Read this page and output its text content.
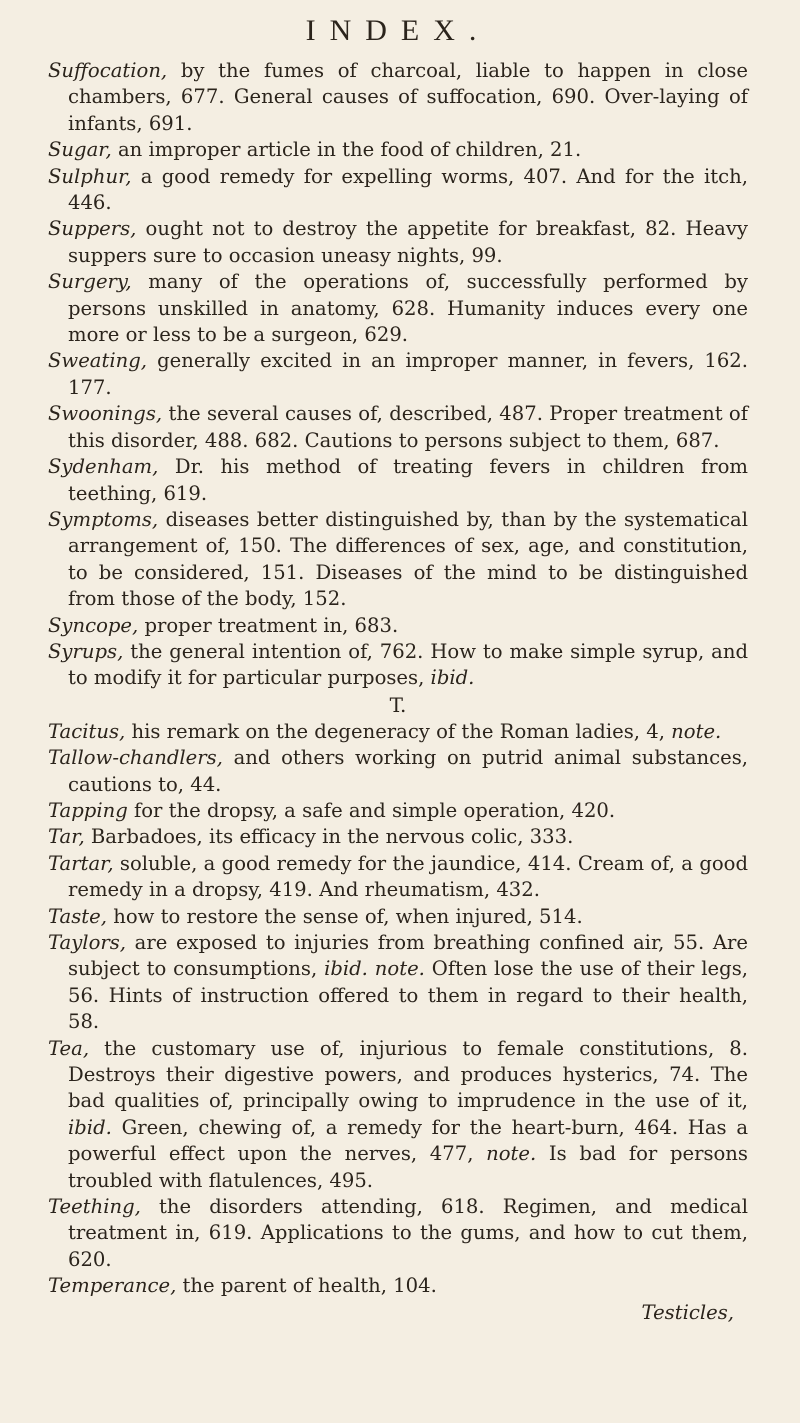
INDEX.

Suffocation, by the fumes of charcoal, liable to happen in close chambers, 677. General causes of suffocation, 690. Over-laying of infants, 691.

Sugar, an improper article in the food of children, 21.

Sulphur, a good remedy for expelling worms, 407. And for the itch, 446.

Suppers, ought not to destroy the appetite for breakfast, 82. Heavy suppers sure to occasion uneasy nights, 99.

Surgery, many of the operations of, successfully performed by persons unskilled in anatomy, 628. Humanity induces every one more or less to be a surgeon, 629.

Sweating, generally excited in an improper manner, in fevers, 162. 177.

Swoonings, the several causes of, described, 487. Proper treatment of this disorder, 488. 682. Cautions to persons subject to them, 687.

Sydenham, Dr. his method of treating fevers in children from teething, 619.

Symptoms, diseases better distinguished by, than by the systematical arrangement of, 150. The differences of sex, age, and constitution, to be considered, 151. Diseases of the mind to be distinguished from those of the body, 152.

Syncope, proper treatment in, 683.

Syrups, the general intention of, 762. How to make simple syrup, and to modify it for particular purposes, ibid.

T.

Tacitus, his remark on the degeneracy of the Roman ladies, 4, note.

Tallow-chandlers, and others working on putrid animal substances, cautions to, 44.

Tapping for the dropsy, a safe and simple operation, 420.

Tar, Barbadoes, its efficacy in the nervous colic, 333.

Tartar, soluble, a good remedy for the jaundice, 414. Cream of, a good remedy in a dropsy, 419. And rheumatism, 432.

Taste, how to restore the sense of, when injured, 514.

Taylors, are exposed to injuries from breathing confined air, 55. Are subject to consumptions, ibid. note. Often lose the use of their legs, 56. Hints of instruction offered to them in regard to their health, 58.

Tea, the customary use of, injurious to female constitutions, 8. Destroys their digestive powers, and produces hysterics, 74. The bad qualities of, principally owing to imprudence in the use of it, ibid. Green, chewing of, a remedy for the heart-burn, 464. Has a powerful effect upon the nerves, 477, note. Is bad for persons troubled with flatulences, 495.

Teething, the disorders attending, 618. Regimen, and medical treatment in, 619. Applications to the gums, and how to cut them, 620.

Temperance, the parent of health, 104.

Testicles,
